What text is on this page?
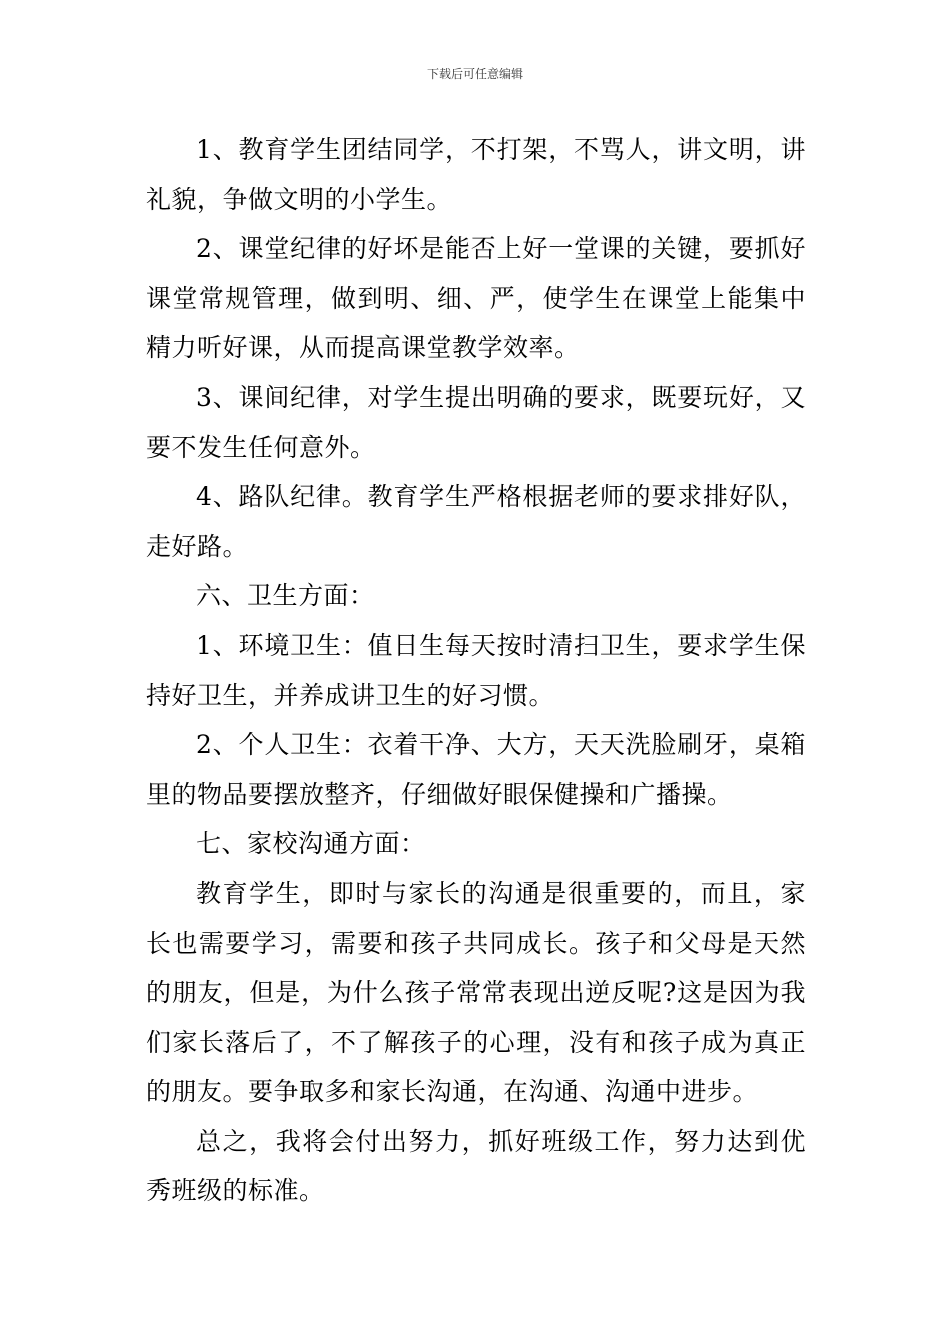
下载后可任意编辑

1、教育学生团结同学，不打架，不骂人，讲文明，讲礼貌，争做文明的小学生。

2、课堂纪律的好坏是能否上好一堂课的关键，要抓好课堂常规管理，做到明、细、严，使学生在课堂上能集中精力听好课，从而提高课堂教学效率。

3、课间纪律，对学生提出明确的要求，既要玩好，又要不发生任何意外。

4、路队纪律。教育学生严格根据老师的要求排好队，走好路。

六、卫生方面：

1、环境卫生：值日生每天按时清扫卫生，要求学生保持好卫生，并养成讲卫生的好习惯。

2、个人卫生：衣着干净、大方，天天洗脸刷牙，桌箱里的物品要摆放整齐，仔细做好眼保健操和广播操。

七、家校沟通方面：

教育学生，即时与家长的沟通是很重要的，而且，家长也需要学习，需要和孩子共同成长。孩子和父母是天然的朋友，但是，为什么孩子常常表现出逆反呢?这是因为我们家长落后了，不了解孩子的心理，没有和孩子成为真正的朋友。要争取多和家长沟通，在沟通、沟通中进步。

总之，我将会付出努力，抓好班级工作，努力达到优秀班级的标准。
